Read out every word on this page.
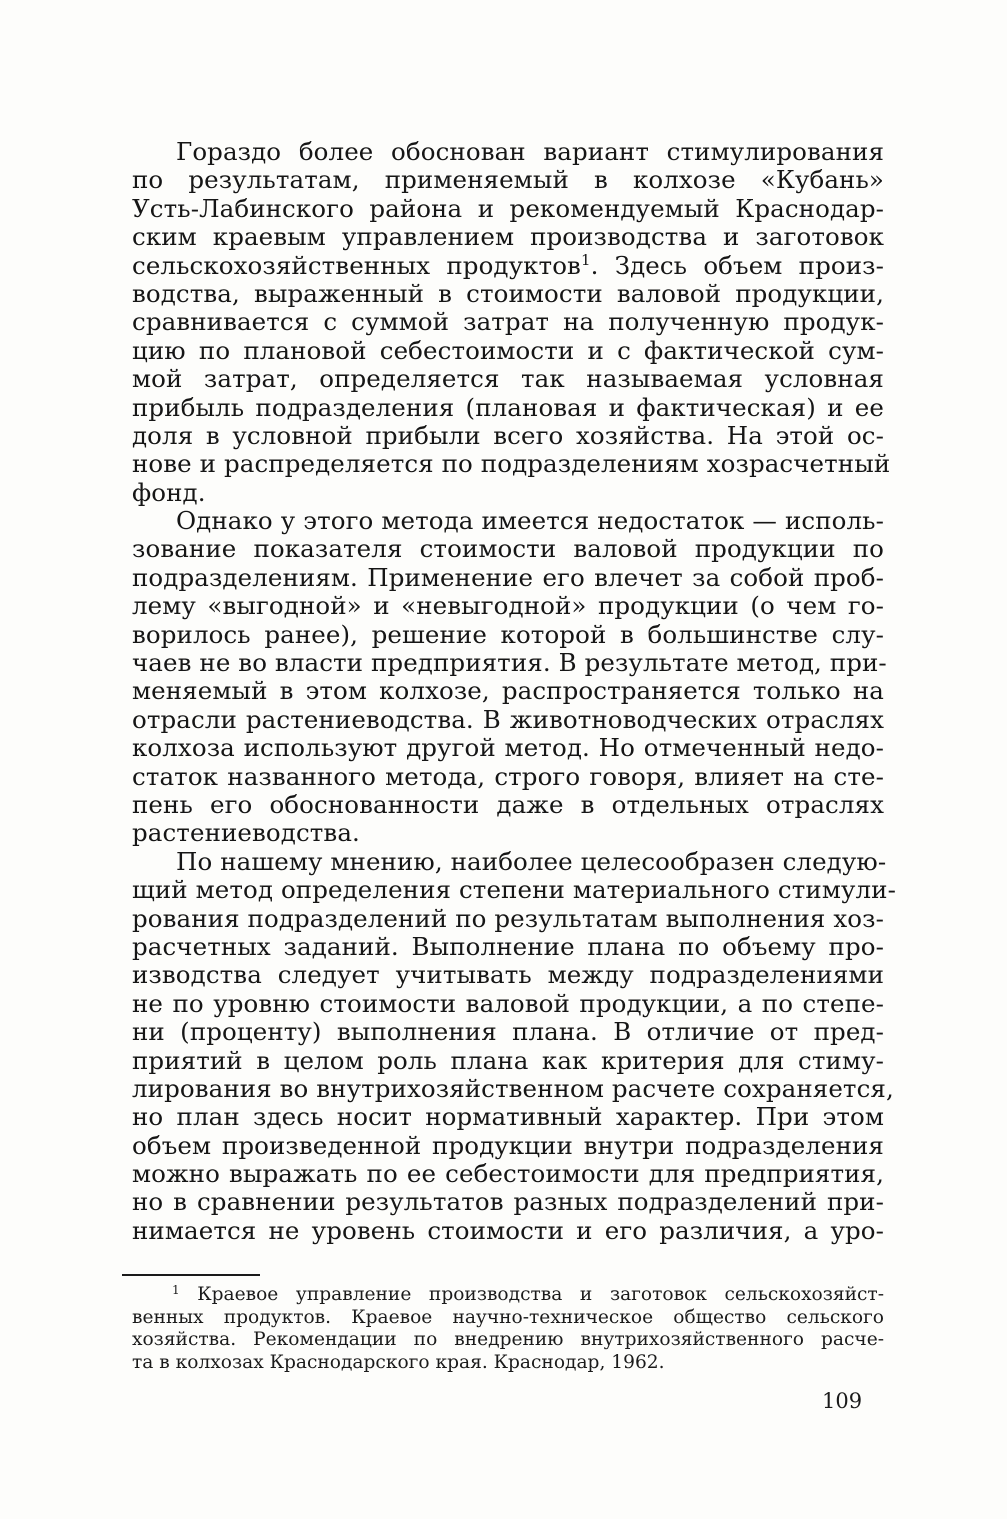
Гораздо более обоснован вариант стимулирования
по результатам, применяемый в колхозе «Кубань»
Усть-Лабинского района и рекомендуемый Краснодар-
ским краевым управлением производства и заготовок
сельскохозяйственных продуктов$^1$. Здесь объем произ-
водства, выраженный в стоимости валовой продукции,
сравнивается с суммой затрат на полученную продук-
цию по плановой себестоимости и с фактической сум-
мой затрат, определяется так называемая условная
прибыль подразделения (плановая и фактическая) и ее
доля в условной прибыли всего хозяйства. На этой ос-
нове и распределяется по подразделениям хозрасчетный
фонд.
Однако у этого метода имеется недостаток — исполь-
зование показателя стоимости валовой продукции по
подразделениям. Применение его влечет за собой проб-
лему «выгодной» и «невыгодной» продукции (о чем го-
ворилось ранее), решение которой в большинстве слу-
чаев не во власти предприятия. В результате метод, при-
меняемый в этом колхозе, распространяется только на
отрасли растениеводства. В животноводческих отраслях
колхоза используют другой метод. Но отмеченный недо-
статок названного метода, строго говоря, влияет на сте-
пень его обоснованности даже в отдельных отраслях
растениеводства.
По нашему мнению, наиболее целесообразен следую-
щий метод определения степени материального стимули-
рования подразделений по результатам выполнения хоз-
расчетных заданий. Выполнение плана по объему про-
изводства следует учитывать между подразделениями
не по уровню стоимости валовой продукции, а по степе-
ни (проценту) выполнения плана. В отличие от пред-
приятий в целом роль плана как критерия для стиму-
лирования во внутрихозяйственном расчете сохраняется,
но план здесь носит нормативный характер. При этом
объем произведенной продукции внутри подразделения
можно выражать по ее себестоимости для предприятия,
но в сравнении результатов разных подразделений при-
нимается не уровень стоимости и его различия, а уро-
$^1$ Краевое управление производства и заготовок сельскохозяйст-
венных продуктов. Краевое научно-техническое общество сельского
хозяйства. Рекомендации по внедрению внутрихозяйственного расче-
та в колхозах Краснодарского края. Краснодар, 1962.
109
